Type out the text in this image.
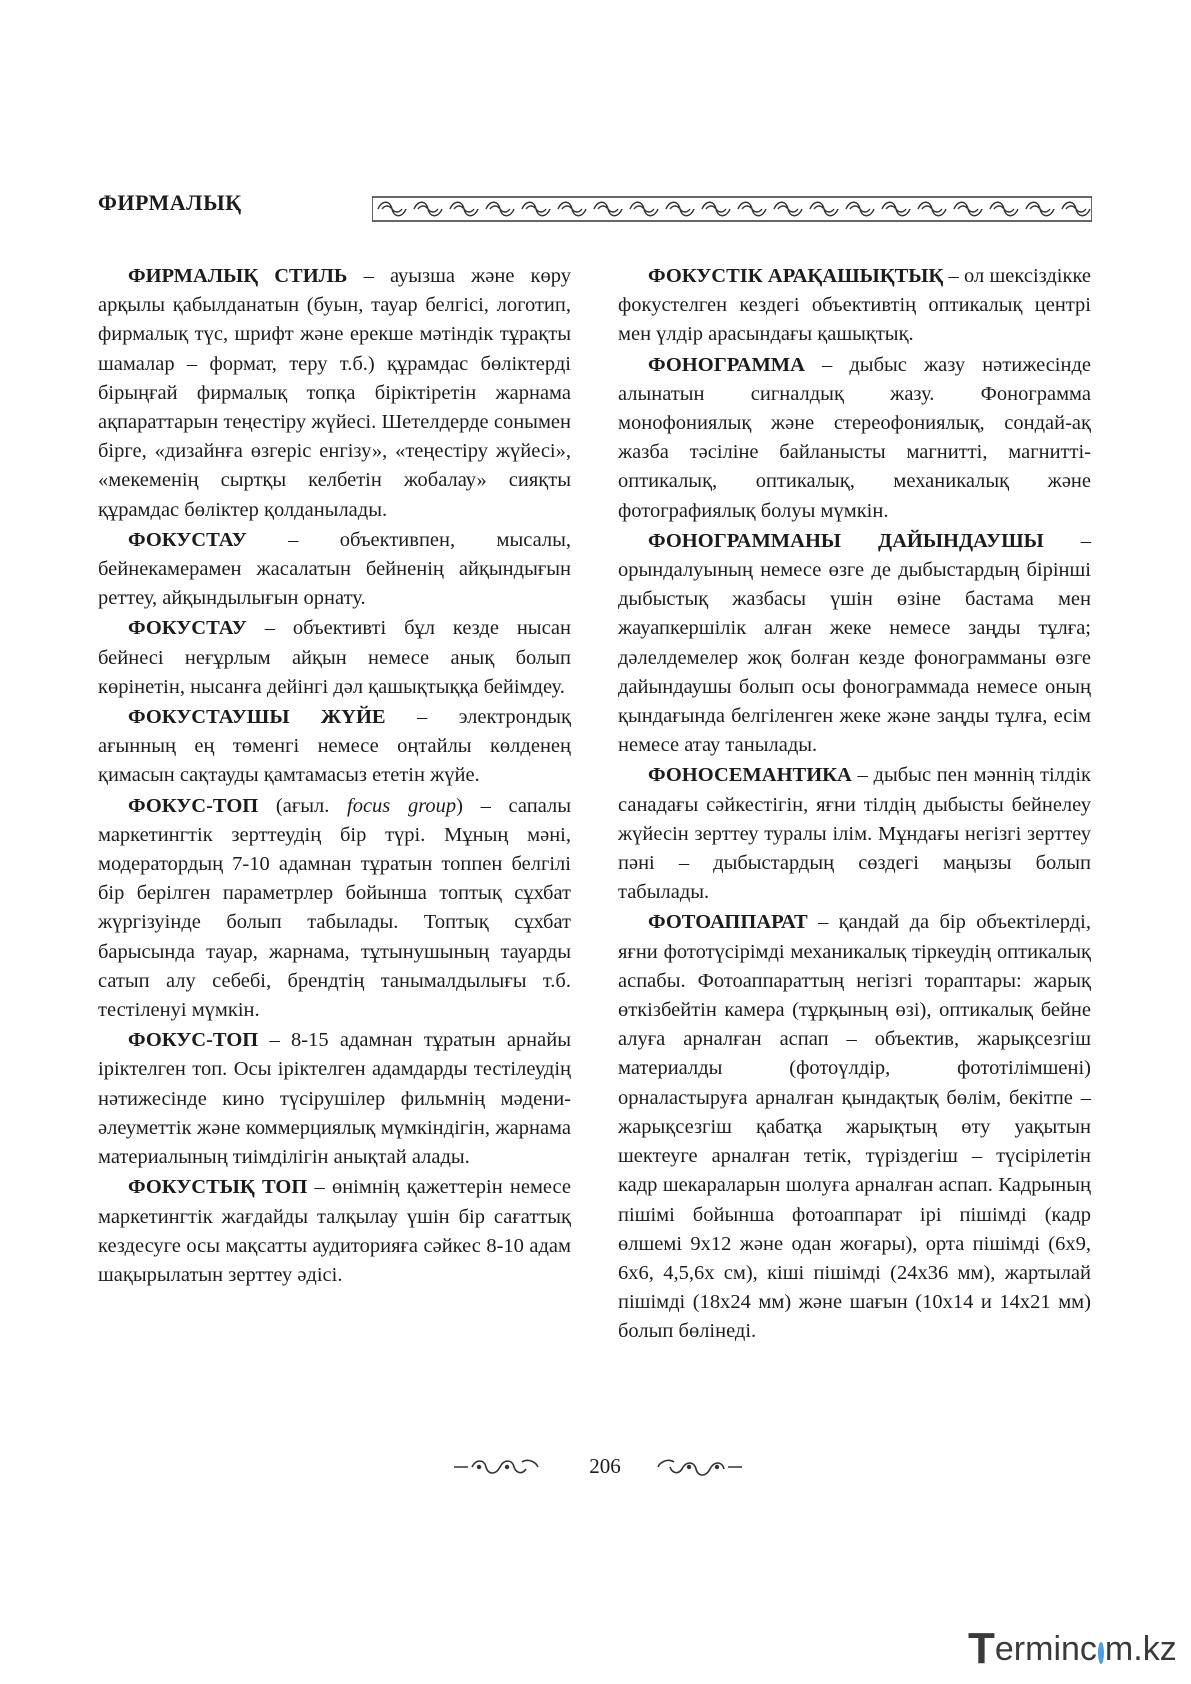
ФИРМАЛЫҚ

ФИРМАЛЫҚ СТИЛЬ – ауызша және көру арқылы қабылданатын (буын, тауар белгісі, логотип, фирмалық түс, шрифт және ерекше мәтіндік тұрақты шамалар – формат, теру т.б.) құрамдас бөліктерді бірыңғай фирмалық топқа біріктіретін жарнама ақпараттарын теңестіру жүйесі. Шетелдерде сонымен бірге, «дизайнға өзгеріс енгізу», «теңестіру жүйесі», «мекеменің сыртқы келбетін жобалау» сияқты құрамдас бөліктер қолданылады.

ФОКУСТАУ – объективпен, мысалы, бейнекамерамен жасалатын бейненің айқындығын реттеу, айқындылығын орнату.

ФОКУСТАУ – объективті бұл кезде нысан бейнесі неғұрлым айқын немесе анық болып көрінетін, нысанға дейінгі дәл қашықтыққа бейімдеу.

ФОКУСТАУШЫ ЖҮЙЕ – электрондық ағынның ең төменгі немесе оңтайлы көлденең қимасын сақтауды қамтамасыз ететін жүйе.

ФОКУС-ТОП (ағыл. focus group) – сапалы маркетингтік зерттеудің бір түрі. Мұның мәні, модератордың 7-10 адамнан тұратын топпен белгілі бір берілген параметрлер бойынша топтық сұхбат жүргізуінде болып табылады. Топтық сұхбат барысында тауар, жарнама, тұтынушының тауарды сатып алу себебі, брендтің танымалдылығы т.б. тестіленуі мүмкін.

ФОКУС-ТОП – 8-15 адамнан тұратын арнайы іріктелген топ. Осы іріктелген адамдарды тестілеудің нәтижесінде кино түсірушілер фильмнің мәдени-әлеуметтік және коммерциялық мүмкіндігін, жарнама материалының тиімділігін анықтай алады.

ФОКУСТЫҚ ТОП – өнімнің қажеттерін немесе маркетингтік жағдайды талқылау үшін бір сағаттық кездесуге осы мақсатты аудиторияға сәйкес 8-10 адам шақырылатын зерттеу әдісі.

ФОКУСТІК АРАҚАШЫҚТЫҚ – ол шексіздікке фокустелген кездегі объективтің оптикалық центрі мен үлдір арасындағы қашықтық.

ФОНОГРАММА – дыбыс жазу нәтижесінде алынатын сигналдық жазу. Фонограмма монофониялық және стереофониялық, сондай-ақ жазба тәсіліне байланысты магнитті, магнитті-оптикалық, оптикалық, механикалық және фотографиялық болуы мүмкін.

ФОНОГРАММАНЫ ДАЙЫНДАУШЫ – орындалуының немесе өзге де дыбыстардың бірінші дыбыстық жазбасы үшін өзіне бастама мен жауапкершілік алған жеке немесе заңды тұлға; дәлелдемелер жоқ болған кезде фонограмманы өзге дайындаушы болып осы фонограммада немесе оның қындағында белгіленген жеке және заңды тұлға, есім немесе атау танылады.

ФОНОСЕМАНТИКА – дыбыс пен мәннің тілдік санадағы сәйкестігін, яғни тілдің дыбысты бейнелеу жүйесін зерттеу туралы ілім. Мұндағы негізгі зерттеу пәні – дыбыстардың сөздегі маңызы болып табылады.

ФОТОАППАРАТ – қандай да бір объектілерді, яғни фототүсірімді механикалық тіркеудің оптикалық аспабы. Фотоаппараттың негізгі тораптары: жарық өткізбейтін камера (тұрқының өзі), оптикалық бейне алуға арналған аспап – объектив, жарықсезгіш материалды (фотоүлдір, фототілімшені) орналастыруға арналған қындақтық бөлім, бекітпе – жарықсезгіш қабатқа жарықтың өту уақытын шектеуге арналған тетік, түріздегіш – түсірілетін кадр шекараларын шолуға арналған аспап. Кадрының пішімі бойынша фотоаппарат ірі пішімді (кадр өлшемі 9х12 және одан жоғары), орта пішімді (6х9, 6х6, 4,5,6х см), кіші пішімді (24х36 мм), жартылай пішімді (18х24 мм) және шағын (10х14 и 14х21 мм) болып бөлінеді.

206
T ermin c m.kz
